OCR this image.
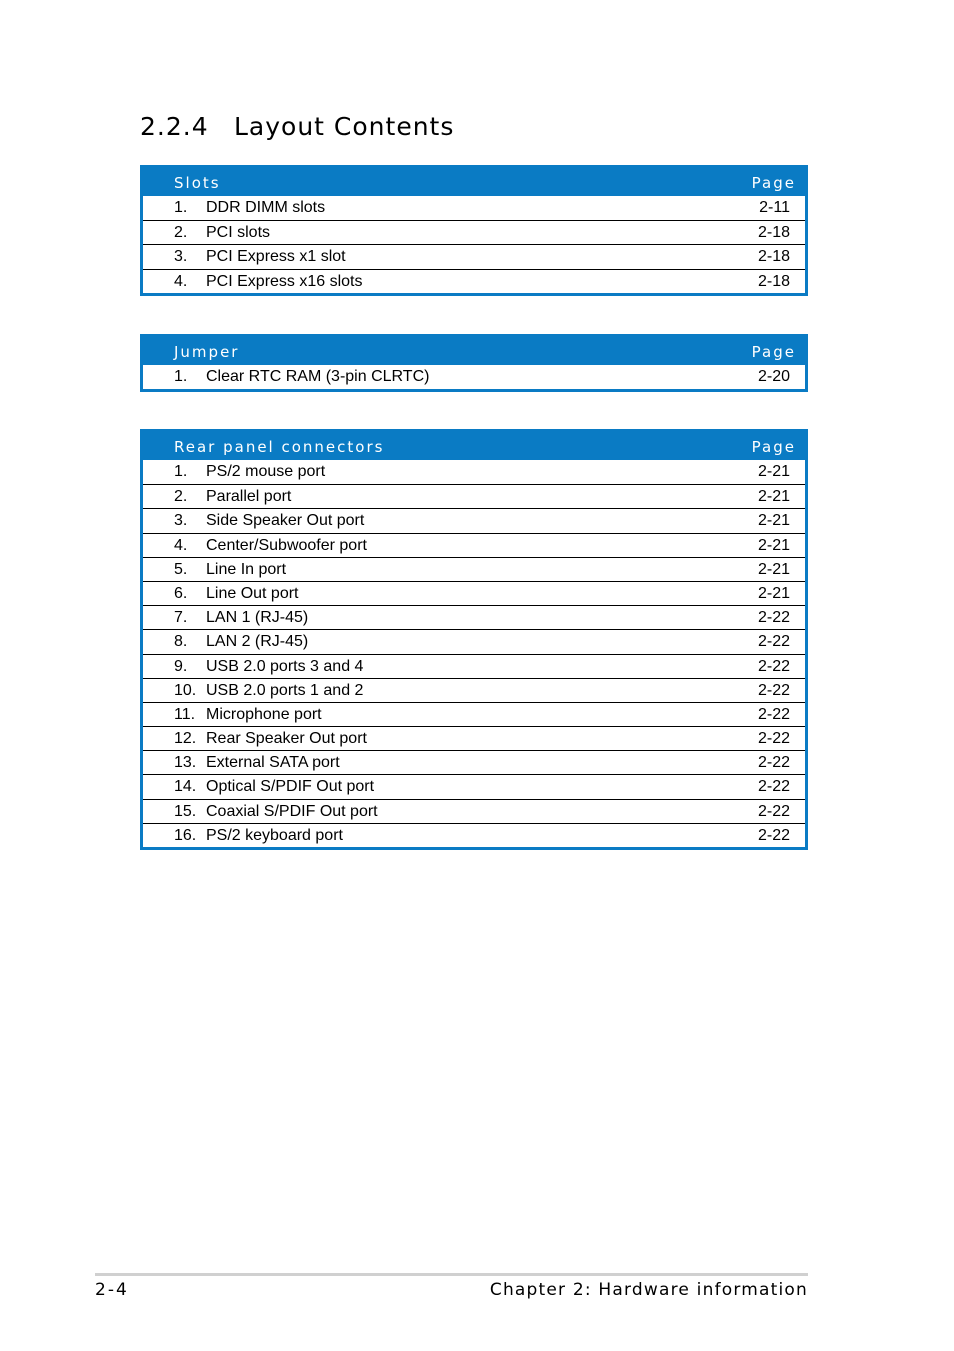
2.2.4 Layout Contents
Slots	Page
1. DDR DIMM slots	2-11
2. PCI slots	2-18
3. PCI Express x1 slot	2-18
4. PCI Express x16 slots	2-18
Jumper	Page
1. Clear RTC RAM (3-pin CLRTC)	2-20
Rear panel connectors	Page
1. PS/2 mouse port	2-21
2. Parallel port	2-21
3. Side Speaker Out port	2-21
4. Center/Subwoofer port	2-21
5. Line In port	2-21
6. Line Out port	2-21
7. LAN 1 (RJ-45)	2-22
8. LAN 2 (RJ-45)	2-22
9. USB 2.0 ports 3 and 4	2-22
10. USB 2.0 ports 1 and 2	2-22
11. Microphone port	2-22
12. Rear Speaker Out port	2-22
13. External SATA port	2-22
14. Optical S/PDIF Out port	2-22
15. Coaxial S/PDIF Out port	2-22
16. PS/2 keyboard port	2-22
2-4	Chapter 2: Hardware information
